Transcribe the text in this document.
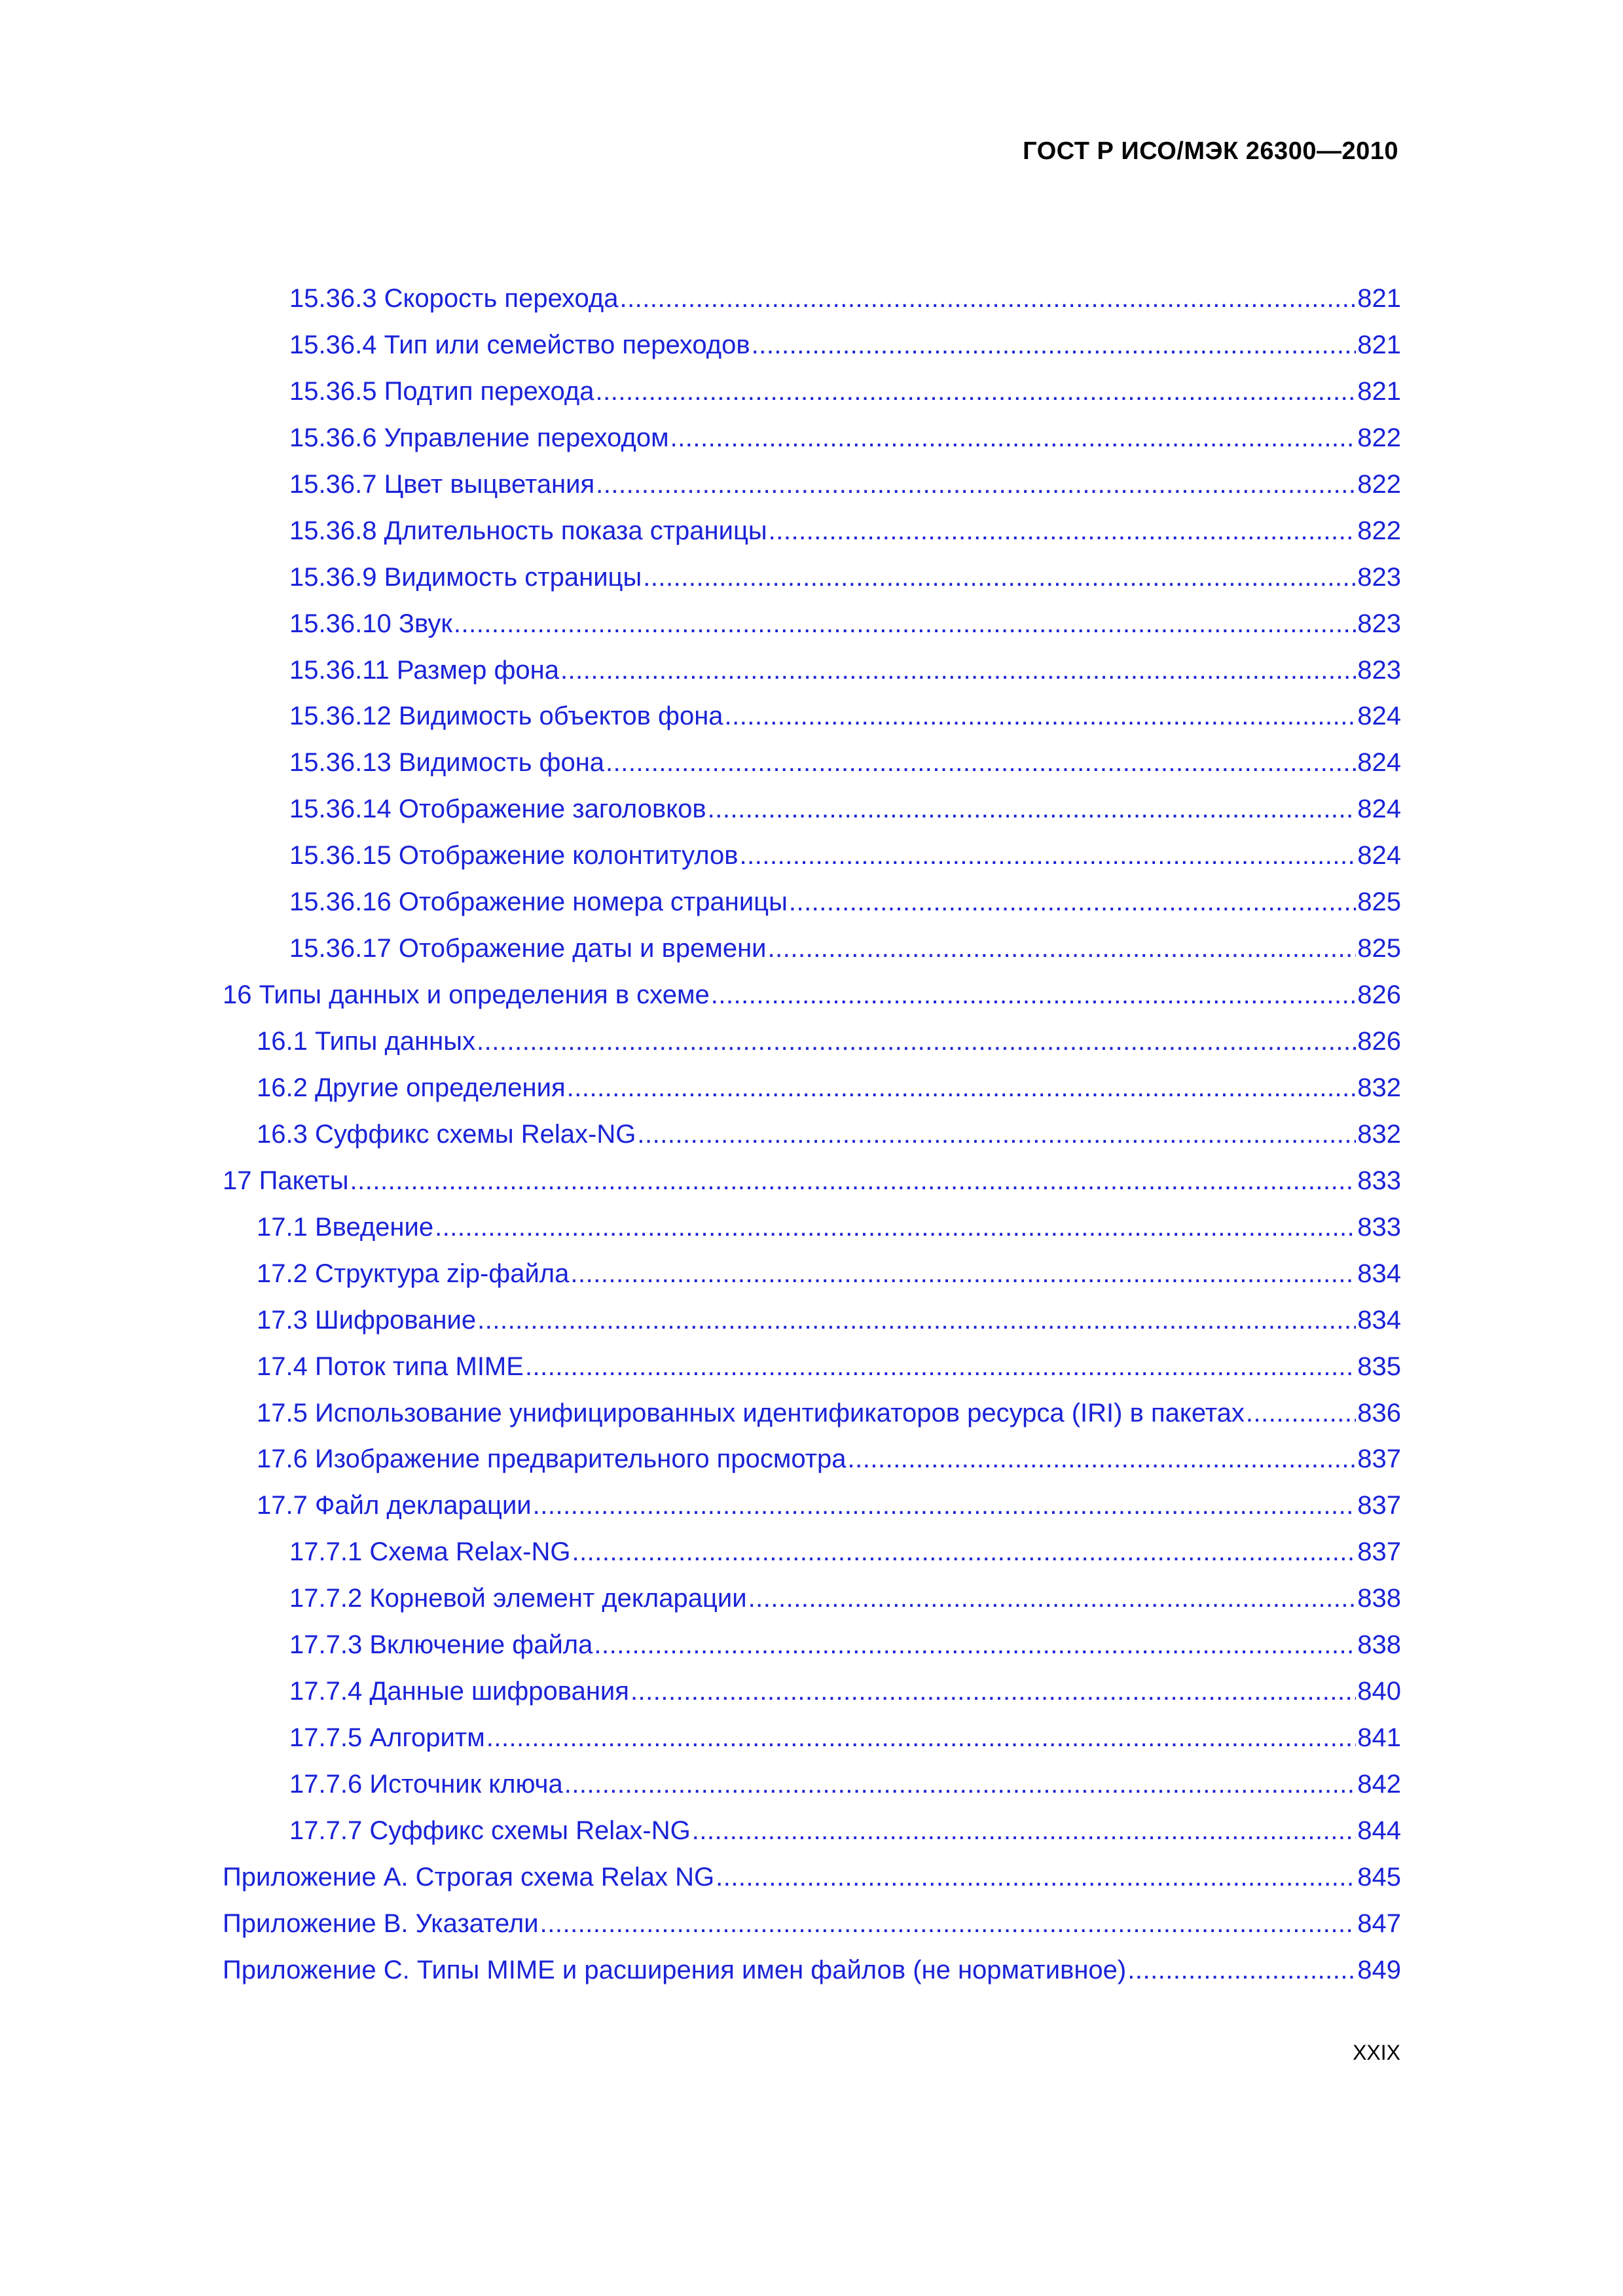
ГОСТ Р ИСО/МЭК 26300—2010
15.36.3 Скорость перехода .....	821
15.36.4 Тип или семейство переходов .....	821
15.36.5 Подтип перехода .....	821
15.36.6 Управление переходом .....	822
15.36.7 Цвет выцветания .....	822
15.36.8 Длительность показа страницы .....	822
15.36.9 Видимость страницы .....	823
15.36.10 Звук .....	823
15.36.11 Размер фона .....	823
15.36.12 Видимость объектов фона .....	824
15.36.13 Видимость фона .....	824
15.36.14 Отображение заголовков .....	824
15.36.15 Отображение колонтитулов .....	824
15.36.16 Отображение номера страницы .....	825
15.36.17 Отображение даты и времени .....	825
16 Типы данных и определения в схеме .....	826
16.1 Типы данных .....	826
16.2 Другие определения .....	832
16.3 Суффикс схемы Relax-NG .....	832
17 Пакеты .....	833
17.1 Введение .....	833
17.2 Структура zip-файла .....	834
17.3 Шифрование .....	834
17.4 Поток типа MIME .....	835
17.5 Использование унифицированных идентификаторов ресурса (IRI) в пакетах .....	836
17.6 Изображение предварительного просмотра .....	837
17.7 Файл декларации .....	837
17.7.1 Схема Relax-NG .....	837
17.7.2 Корневой элемент декларации .....	838
17.7.3 Включение файла .....	838
17.7.4 Данные шифрования .....	840
17.7.5 Алгоритм .....	841
17.7.6 Источник ключа .....	842
17.7.7 Суффикс схемы Relax-NG .....	844
Приложение А. Строгая схема Relax NG .....	845
Приложение В. Указатели .....	847
Приложение С. Типы MIME и расширения имен файлов (не нормативное) .....	849
XXIX
